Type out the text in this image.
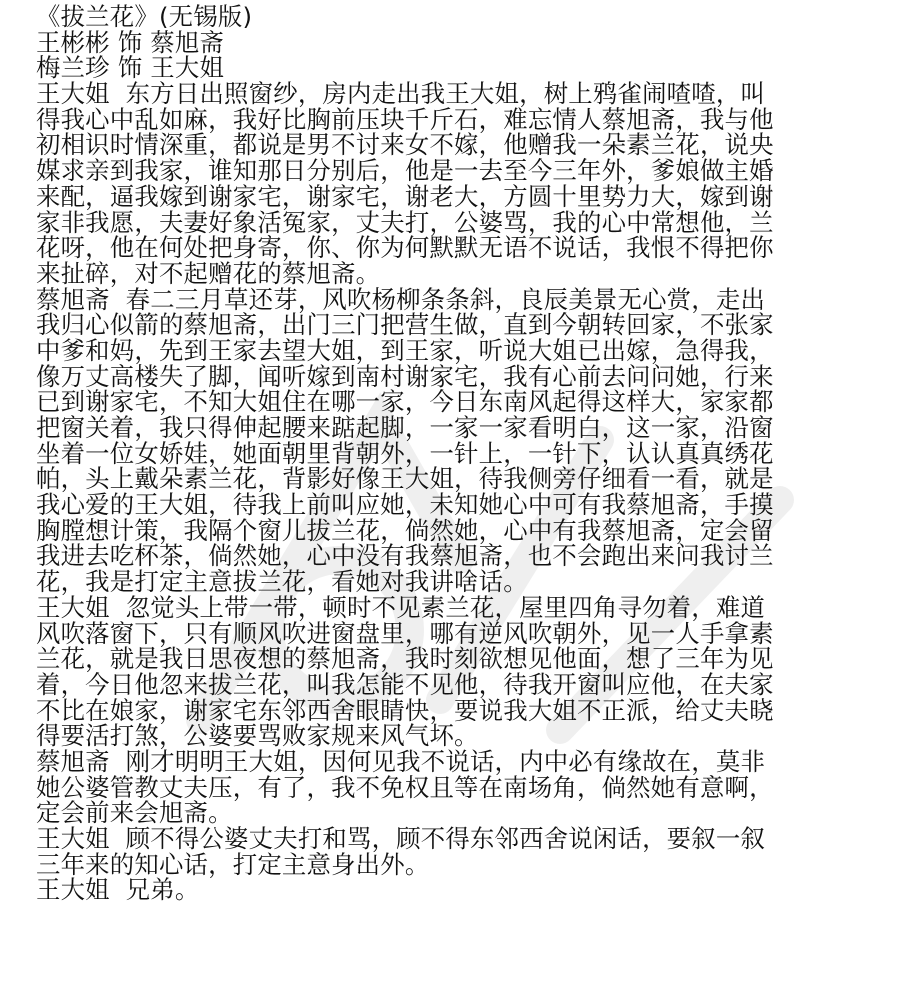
《拔兰花》(无锡版)
王彬彬 饰 蔡旭斋
梅兰珍 饰 王大姐
王大姐  东方日出照窗纱，房内走出我王大姐，树上鸦雀闹喳喳，叫
得我心中乱如麻，我好比胸前压块千斤石，难忘情人蔡旭斋，我与他
初相识时情深重，都说是男不讨来女不嫁，他赠我一朵素兰花，说央
媒求亲到我家，谁知那日分别后，他是一去至今三年外，爹娘做主婚
来配，逼我嫁到谢家宅，谢家宅，谢老大，方圆十里势力大，嫁到谢
家非我愿，夫妻好象活冤家，丈夫打，公婆骂，我的心中常想他，兰
花呀，他在何处把身寄，你、你为何默默无语不说话，我恨不得把你
来扯碎，对不起赠花的蔡旭斋。
蔡旭斋  春二三月草还芽，风吹杨柳条条斜，良辰美景无心赏，走出
我归心似箭的蔡旭斋，出门三门把营生做，直到今朝转回家，不张家
中爹和妈，先到王家去望大姐，到王家，听说大姐已出嫁，急得我，
像万丈高楼失了脚，闻听嫁到南村谢家宅，我有心前去问问她，行来
已到谢家宅，不知大姐住在哪一家，今日东南风起得这样大，家家都
把窗关着，我只得伸起腰来踮起脚，一家一家看明白，这一家，沿窗
坐着一位女娇娃，她面朝里背朝外，一针上，一针下，认认真真绣花
帕，头上戴朵素兰花，背影好像王大姐，待我侧旁仔细看一看，就是
我心爱的王大姐，待我上前叫应她，未知她心中可有我蔡旭斋，手摸
胸膛想计策，我隔个窗儿拔兰花，倘然她，心中有我蔡旭斋，定会留
我进去吃杯茶，倘然她，心中没有我蔡旭斋，也不会跑出来问我讨兰
花，我是打定主意拔兰花，看她对我讲啥话。
王大姐  忽觉头上带一带，顿时不见素兰花，屋里四角寻勿着，难道
风吹落窗下，只有顺风吹进窗盘里，哪有逆风吹朝外，见一人手拿素
兰花，就是我日思夜想的蔡旭斋，我时刻欲想见他面，想了三年为见
着，今日他忽来拔兰花，叫我怎能不见他，待我开窗叫应他，在夫家
不比在娘家，谢家宅东邻西舍眼睛快，要说我大姐不正派，给丈夫晓
得要活打煞，公婆要骂败家规来风气坏。
蔡旭斋  刚才明明王大姐，因何见我不说话，内中必有缘故在，莫非
她公婆管教丈夫压，有了，我不免权且等在南场角，倘然她有意啊，
定会前来会旭斋。
王大姐  顾不得公婆丈夫打和骂，顾不得东邻西舍说闲话，要叙一叙
三年来的知心话，打定主意身出外。
王大姐  兄弟。
